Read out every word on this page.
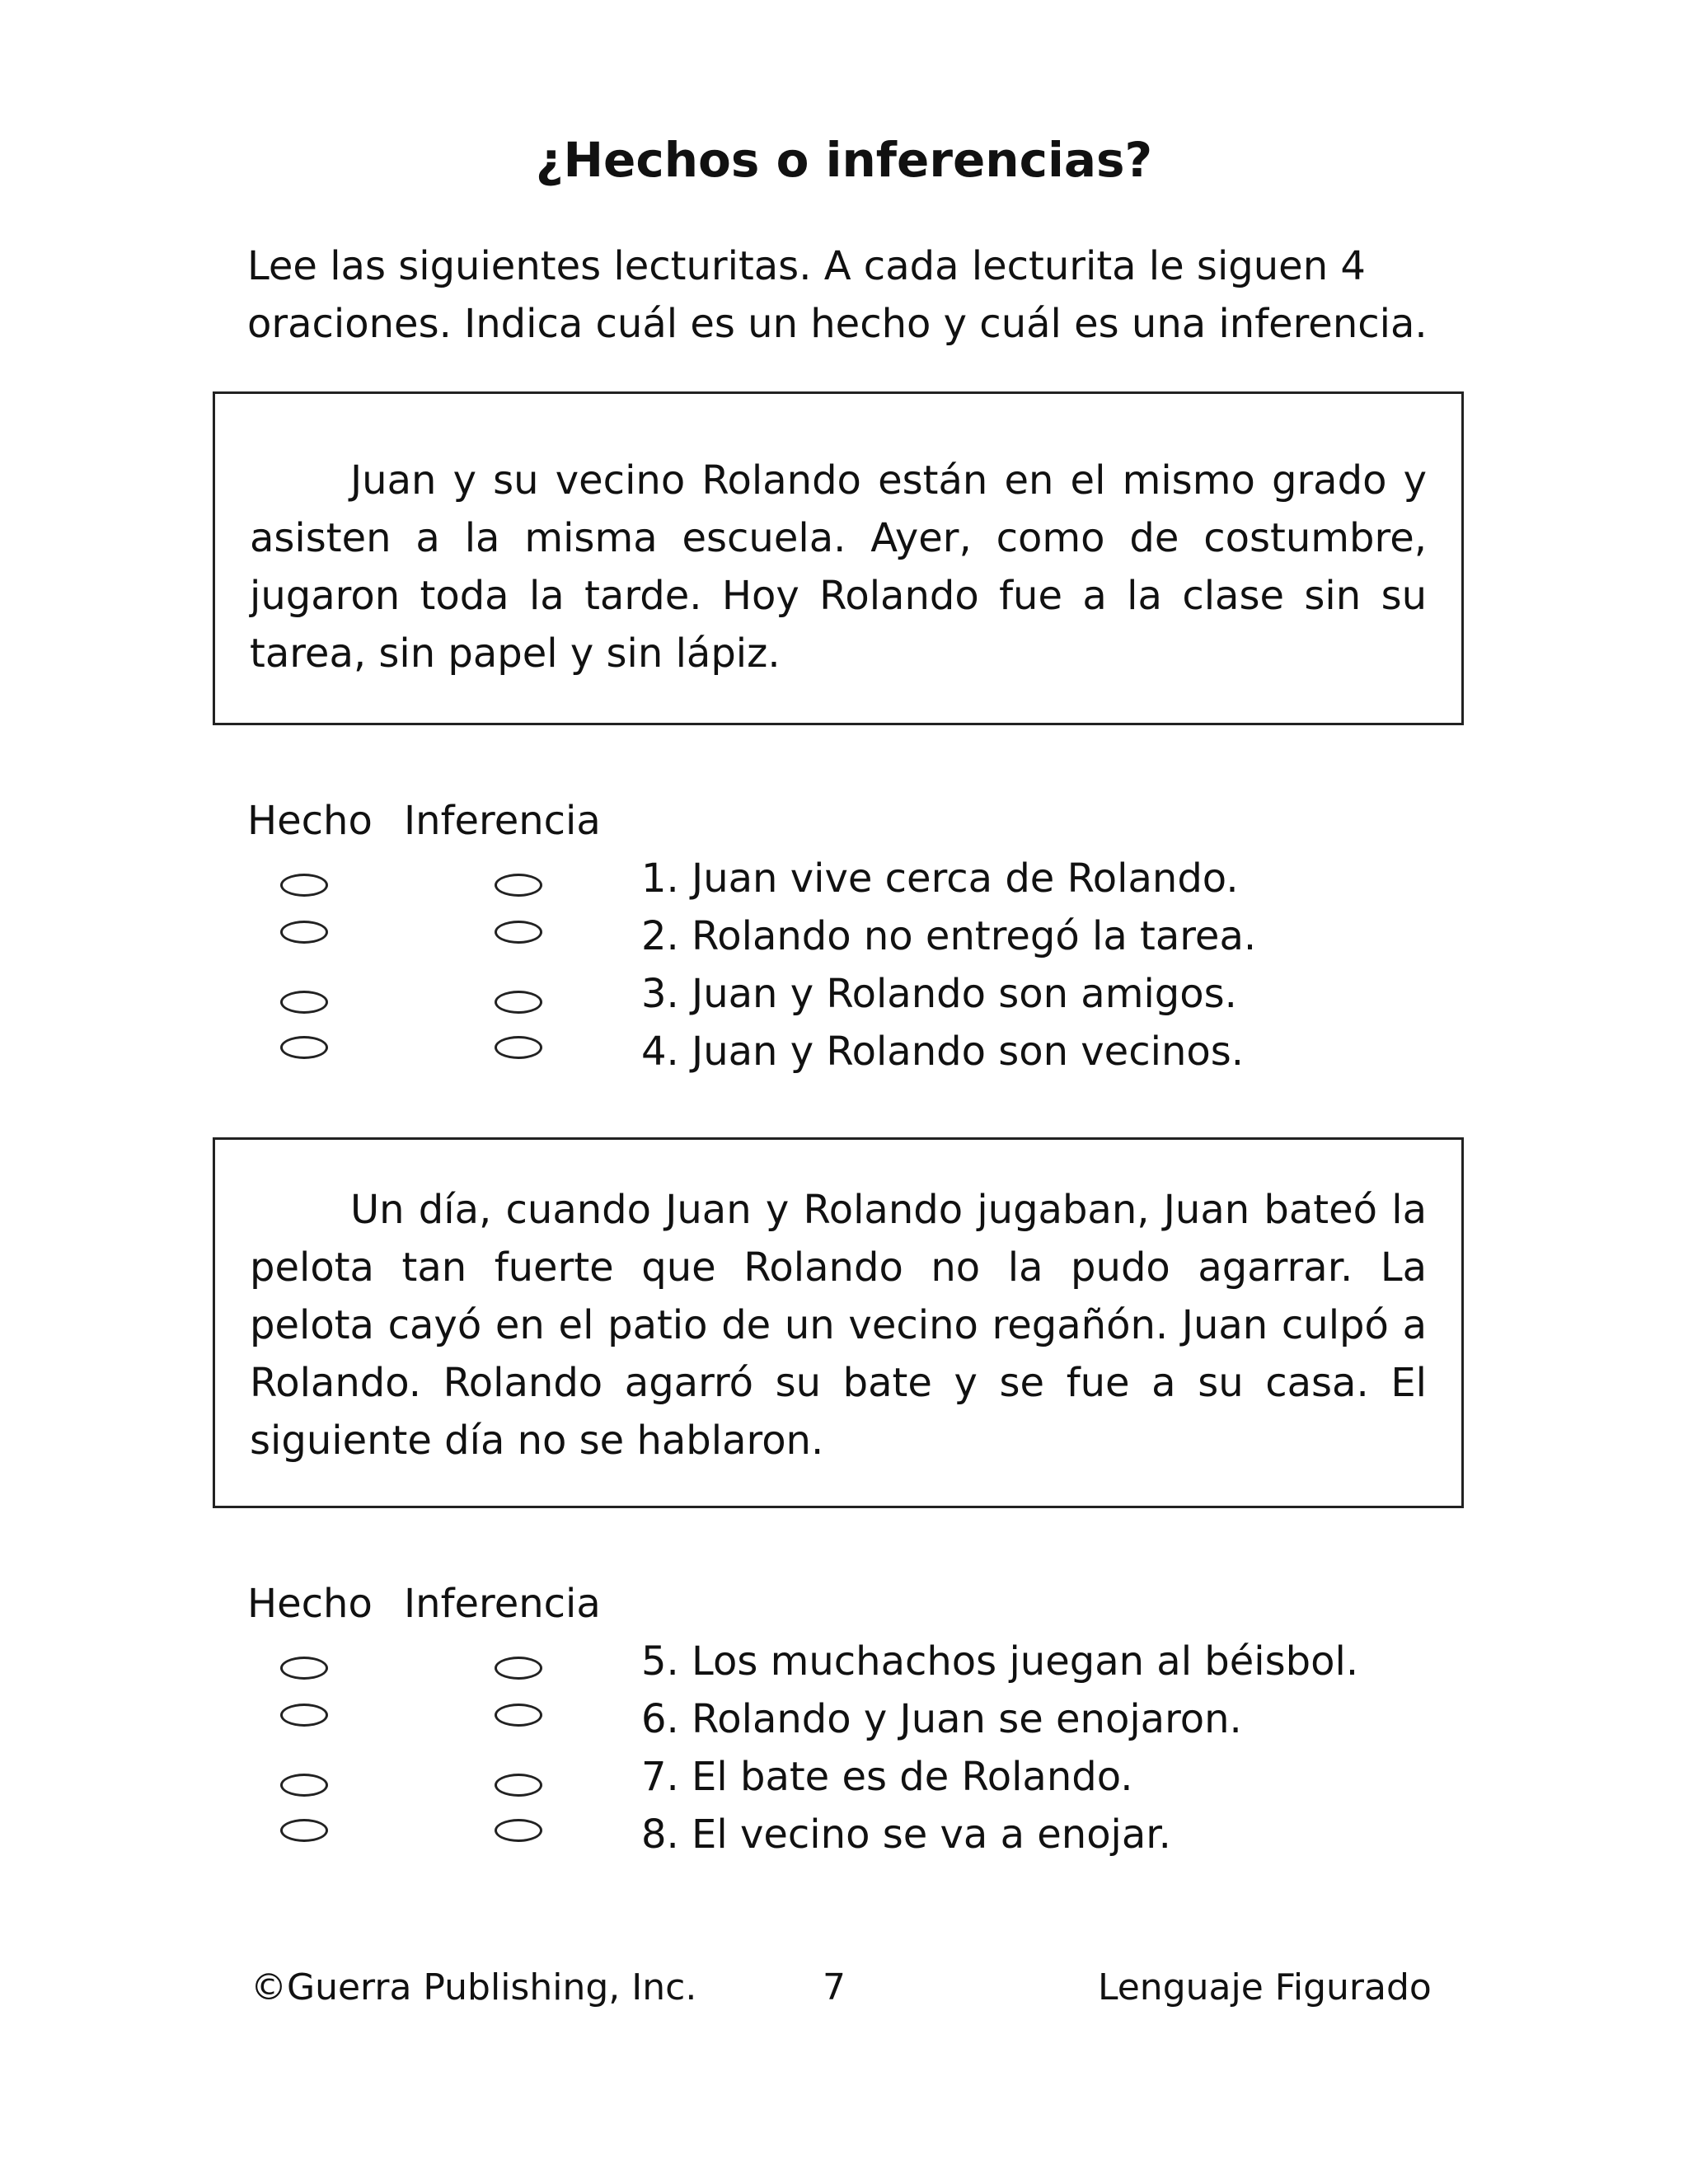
¿Hechos o inferencias?
Lee las siguientes lecturitas. A cada lecturita le siguen 4
oraciones. Indica cuál es un hecho y cuál es una inferencia.

Juan y su vecino Rolando están en el mismo grado y asisten a la misma escuela. Ayer, como de costumbre, jugaron toda la tarde. Hoy Rolando fue a la clase sin su tarea, sin papel y sin lápiz.

Hecho Inferencia
1. Juan vive cerca de Rolando.
2. Rolando no entregó la tarea.
3. Juan y Rolando son amigos.
4. Juan y Rolando son vecinos.

Un día, cuando Juan y Rolando jugaban, Juan bateó la pelota tan fuerte que Rolando no la pudo agarrar. La pelota cayó en el patio de un vecino regañón. Juan culpó a Rolando. Rolando agarró su bate y se fue a su casa. El siguiente día no se hablaron.

Hecho Inferencia
5. Los muchachos juegan al béisbol.
6. Rolando y Juan se enojaron.
7. El bate es de Rolando.
8. El vecino se va a enojar.
©Guerra Publishing, Inc.	7	Lenguaje Figurado
